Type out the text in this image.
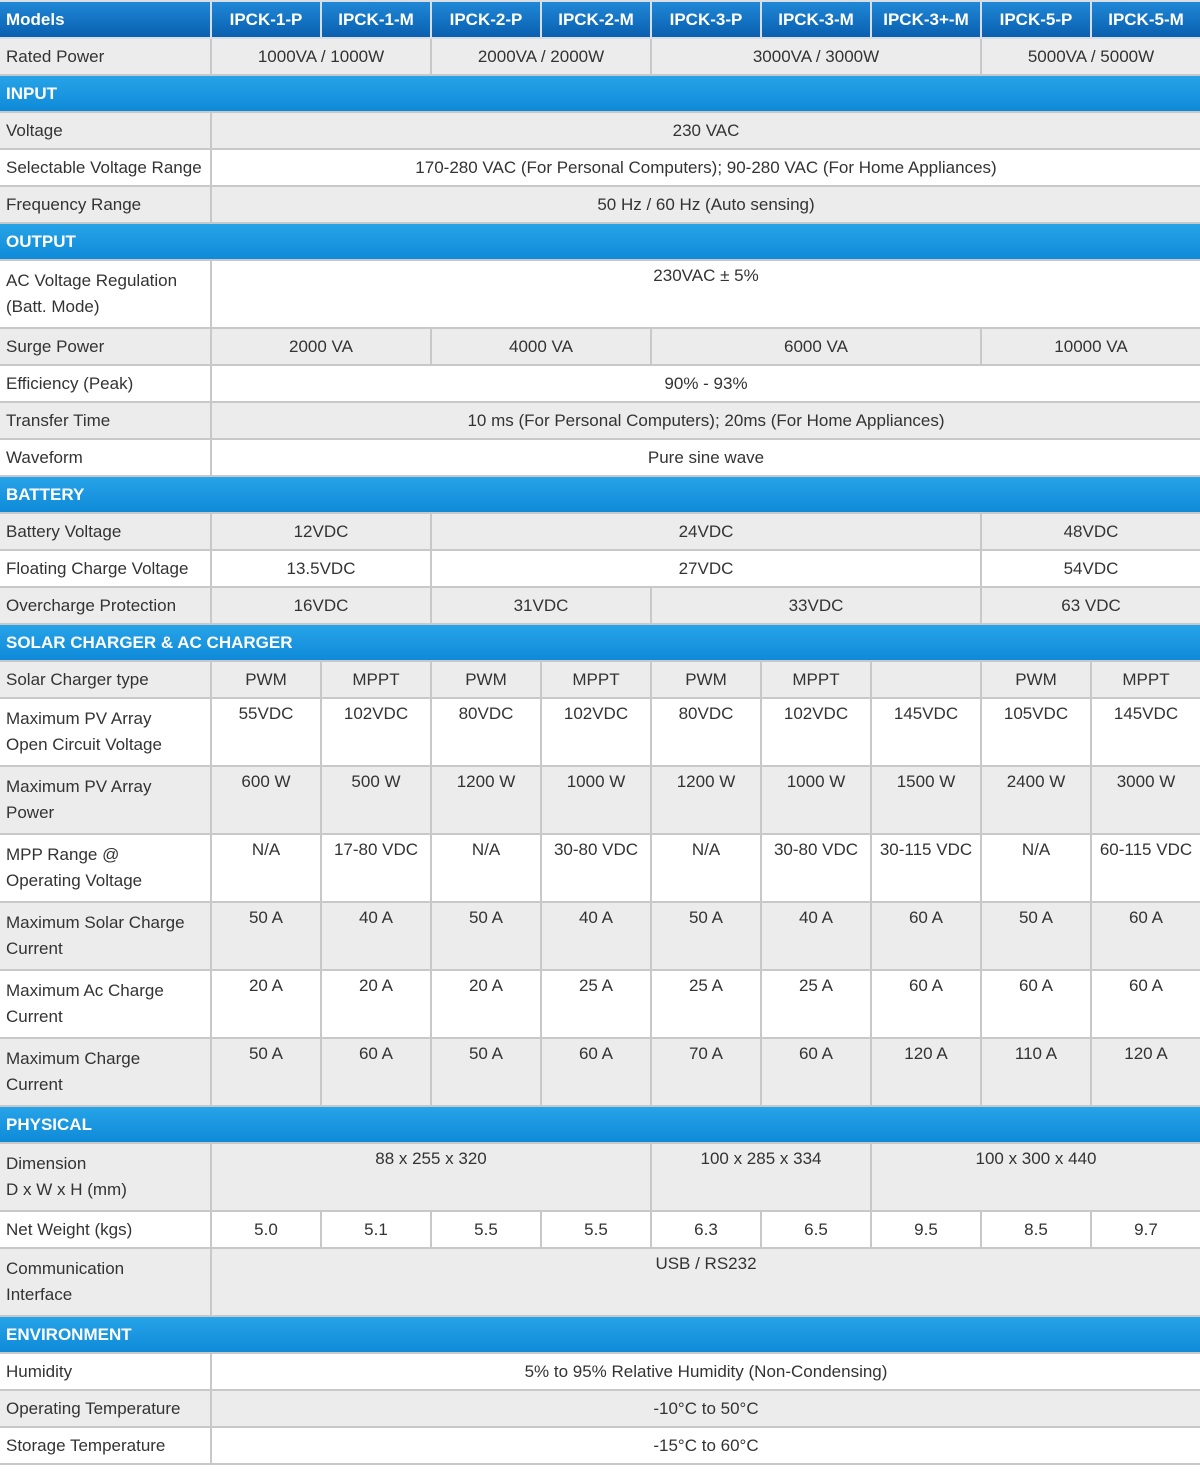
Models	IPCK-1-P	IPCK-1-M	IPCK-2-P	IPCK-2-M	IPCK-3-P	IPCK-3-M	IPCK-3+-M	IPCK-5-P	IPCK-5-M
Rated Power	1000VA / 1000W		2000VA / 2000W		3000VA / 3000W			5000VA / 5000W	
INPUT									
Voltage	230 VAC								
Selectable Voltage Range	170-280 VAC (For Personal Computers); 90-280 VAC (For Home Appliances)								
Frequency Range	50 Hz / 60 Hz (Auto sensing)								
OUTPUT									

AC Voltage Regulation
(Batt. Mode)	230VAC ± 5%								
Surge Power	2000 VA		4000 VA		6000 VA			10000 VA	
Efficiency (Peak)	90% - 93%								
Transfer Time	10 ms (For Personal Computers); 20ms (For Home Appliances)								
Waveform	Pure sine wave								
BATTERY									
Battery Voltage	12VDC		24VDC					48VDC	
Floating Charge Voltage	13.5VDC		27VDC					54VDC	
Overcharge Protection	16VDC		31VDC		33VDC			63 VDC	
SOLAR CHARGER & AC CHARGER									
Solar Charger type	PWM	MPPT	PWM	MPPT	PWM	MPPT		PWM	MPPT

Maximum PV Array
Open Circuit Voltage	55VDC	102VDC	80VDC	102VDC	80VDC	102VDC	145VDC	105VDC	145VDC

Maximum PV Array
Power	600 W	500 W	1200 W	1000 W	1200 W	1000 W	1500 W	2400 W	3000 W

MPP Range @
Operating Voltage	N/A	17-80 VDC	N/A	30-80 VDC	N/A	30-80 VDC	30-115 VDC	N/A	60-115 VDC

Maximum Solar Charge
Current	50 A	40 A	50 A	40 A	50 A	40 A	60 A	50 A	60 A

Maximum Ac Charge
Current	20 A	20 A	20 A	25 A	25 A	25 A	60 A	60 A	60 A

Maximum Charge
Current	50 A	60 A	50 A	60 A	70 A	60 A	120 A	110 A	120 A
PHYSICAL									

Dimension
D x W x H (mm)	88 x 255 x 320				100 x 285 x 334		100 x 300 x 440		
Net Weight (kgs)	5.0	5.1	5.5	5.5	6.3	6.5	9.5	8.5	9.7

Communication
Interface	USB / RS232								
ENVIRONMENT									
Humidity	5% to 95% Relative Humidity (Non-Condensing)								
Operating Temperature	-10°C to 50°C								
Storage Temperature	-15°C to 60°C								
